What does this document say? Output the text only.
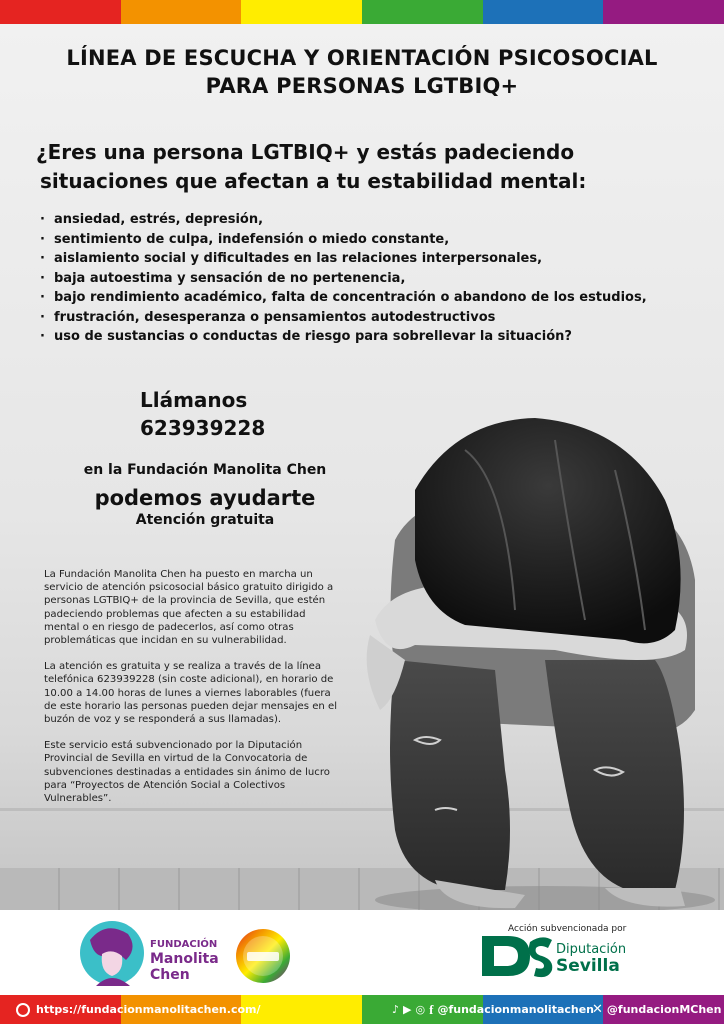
LÍNEA DE ESCUCHA Y ORIENTACIÓN PSICOSOCIAL
PARA PERSONAS LGTBIQ+
¿Eres una persona LGTBIQ+ y estás padeciendo
situaciones que afectan a tu estabilidad mental:
· ansiedad, estrés, depresión,
· sentimiento de culpa, indefensión o miedo constante,
· aislamiento social y dificultades en las relaciones interpersonales,
· baja autoestima y sensación de no pertenencia,
· bajo rendimiento académico, falta de concentración o abandono de los estudios,
· frustración, desesperanza o pensamientos autodestructivos
· uso de sustancias o conductas de riesgo para sobrellevar la situación?
Llámanos
623939228
en la Fundación Manolita Chen
podemos ayudarte
Atención gratuita

La Fundación Manolita Chen ha puesto en marcha un servicio de atención psicosocial básico gratuito dirigido a personas LGTBIQ+ de la provincia de Sevilla, que estén padeciendo problemas que afecten a su estabilidad mental o en riesgo de padecerlos, así como otras problemáticas que incidan en su vulnerabilidad.

La atención es gratuita y se realiza a través de la línea telefónica 623939228 (sin coste adicional), en horario de 10.00 a 14.00 horas de lunes a viernes laborables (fuera de este horario las personas pueden dejar mensajes en el buzón de voz y se responderá a sus llamadas).

Este servicio está subvencionado por la Diputación Provincial de Sevilla en virtud de la Convocatoria de subvenciones destinadas a entidades sin ánimo de lucro para “Proyectos de Atención Social a Colectivos Vulnerables”.

FUNDACIÓN
Manolita
Chen
Acción subvencionada por
Diputación
Sevilla
https://fundacionmanolitachen.com/	♪ ▶ ◎ f @fundacionmanolitachen
✕ @fundacionMChen
